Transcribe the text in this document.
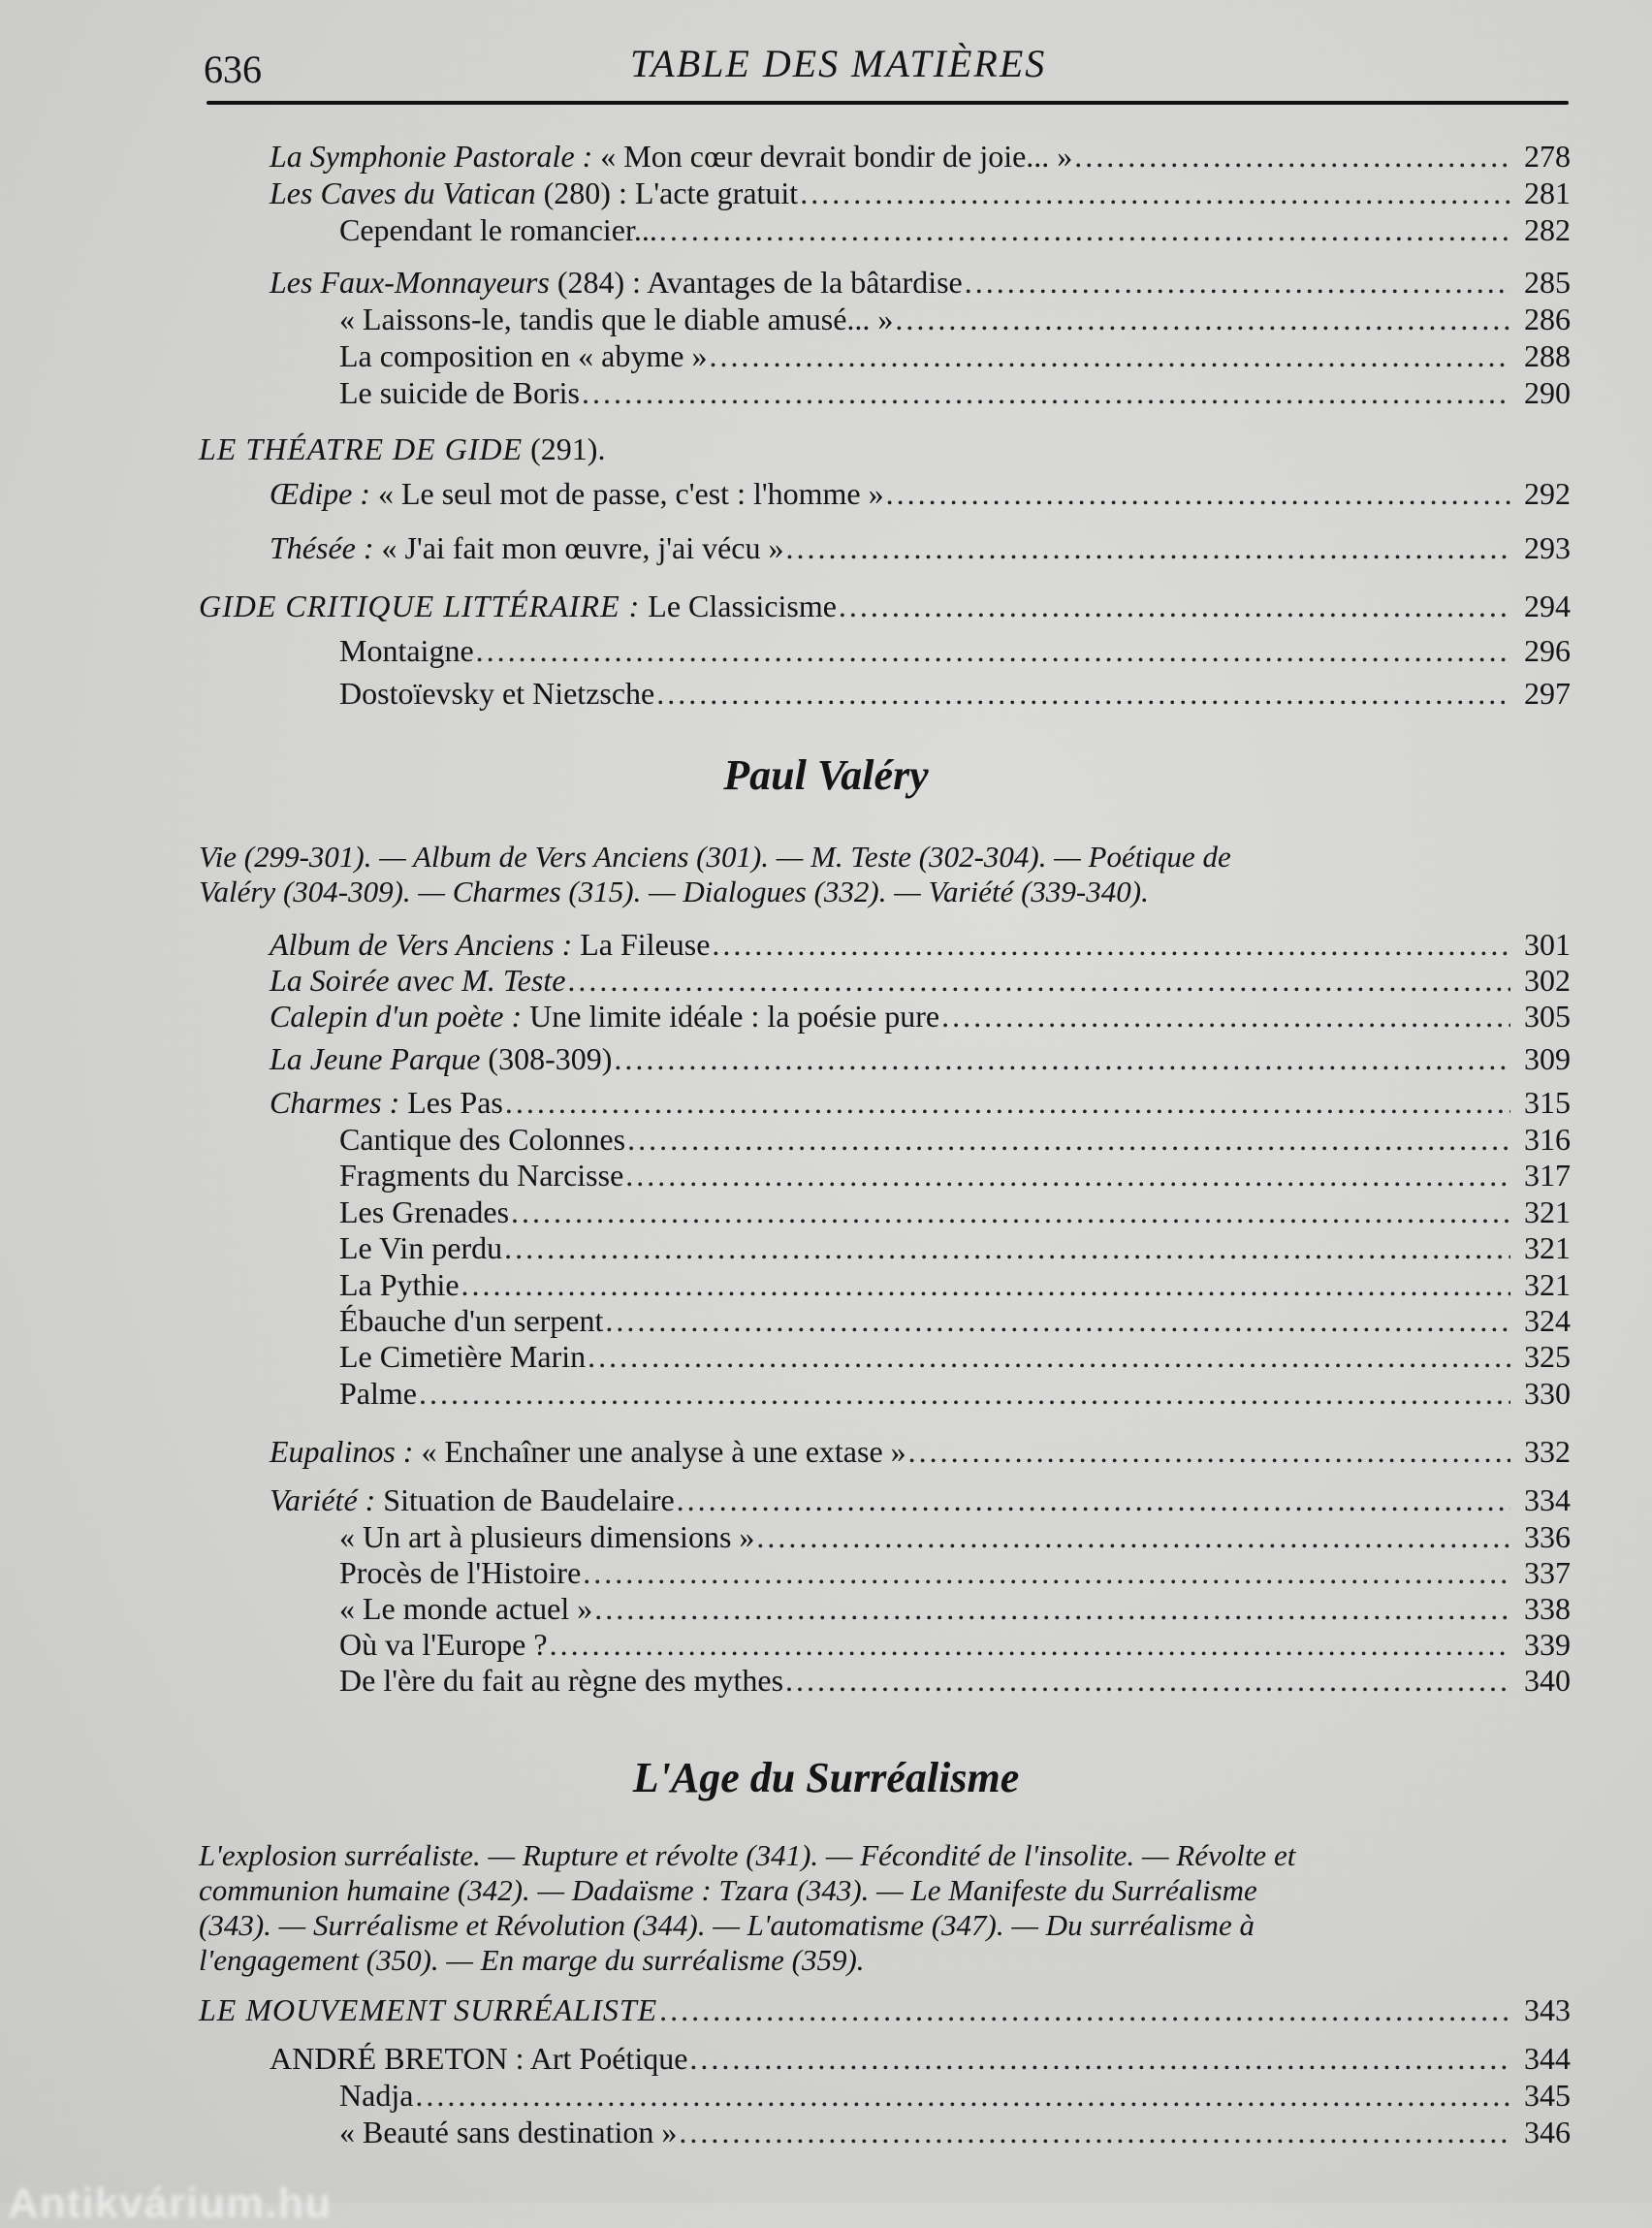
636	TABLE DES MATIÈRES
La Symphonie Pastorale : « Mon cœur devrait bondir de joie... » .....	278
Les Caves du Vatican (280) : L'acte gratuit .....	281
Cependant le romancier... .....	282
Les Faux-Monnayeurs (284) : Avantages de la bâtardise .....	285
« Laissons-le, tandis que le diable amusé... » .....	286
La composition en « abyme » .....	288
Le suicide de Boris .....	290
LE THÉATRE DE GIDE (291).
Œdipe : « Le seul mot de passe, c'est : l'homme » .....	292
Thésée : « J'ai fait mon œuvre, j'ai vécu » .....	293
GIDE CRITIQUE LITTÉRAIRE : Le Classicisme .....	294
Montaigne .....	296
Dostoïevsky et Nietzsche .....	297
Paul Valéry
Vie (299-301). — Album de Vers Anciens (301). — M. Teste (302-304). — Poétique de
Valéry (304-309). — Charmes (315). — Dialogues (332). — Variété (339-340).
Album de Vers Anciens : La Fileuse .....	301
La Soirée avec M. Teste .....	302
Calepin d'un poète : Une limite idéale : la poésie pure .....	305
La Jeune Parque (308-309) .....	309
Charmes : Les Pas .....	315
Cantique des Colonnes .....	316
Fragments du Narcisse .....	317
Les Grenades .....	321
Le Vin perdu .....	321
La Pythie .....	321
Ébauche d'un serpent .....	324
Le Cimetière Marin .....	325
Palme .....	330
Eupalinos : « Enchaîner une analyse à une extase » .....	332
Variété : Situation de Baudelaire .....	334
« Un art à plusieurs dimensions » .....	336
Procès de l'Histoire .....	337
« Le monde actuel » .....	338
Où va l'Europe ? .....	339
De l'ère du fait au règne des mythes .....	340
L'Age du Surréalisme
L'explosion surréaliste. — Rupture et révolte (341). — Fécondité de l'insolite. — Révolte et
communion humaine (342). — Dadaïsme : Tzara (343). — Le Manifeste du Surréalisme
(343). — Surréalisme et Révolution (344). — L'automatisme (347). — Du surréalisme à
l'engagement (350). — En marge du surréalisme (359).
LE MOUVEMENT SURRÉALISTE .....	343
ANDRÉ BRETON : Art Poétique .....	344
Nadja .....	345
« Beauté sans destination » .....	346
Antikvárium.hu
